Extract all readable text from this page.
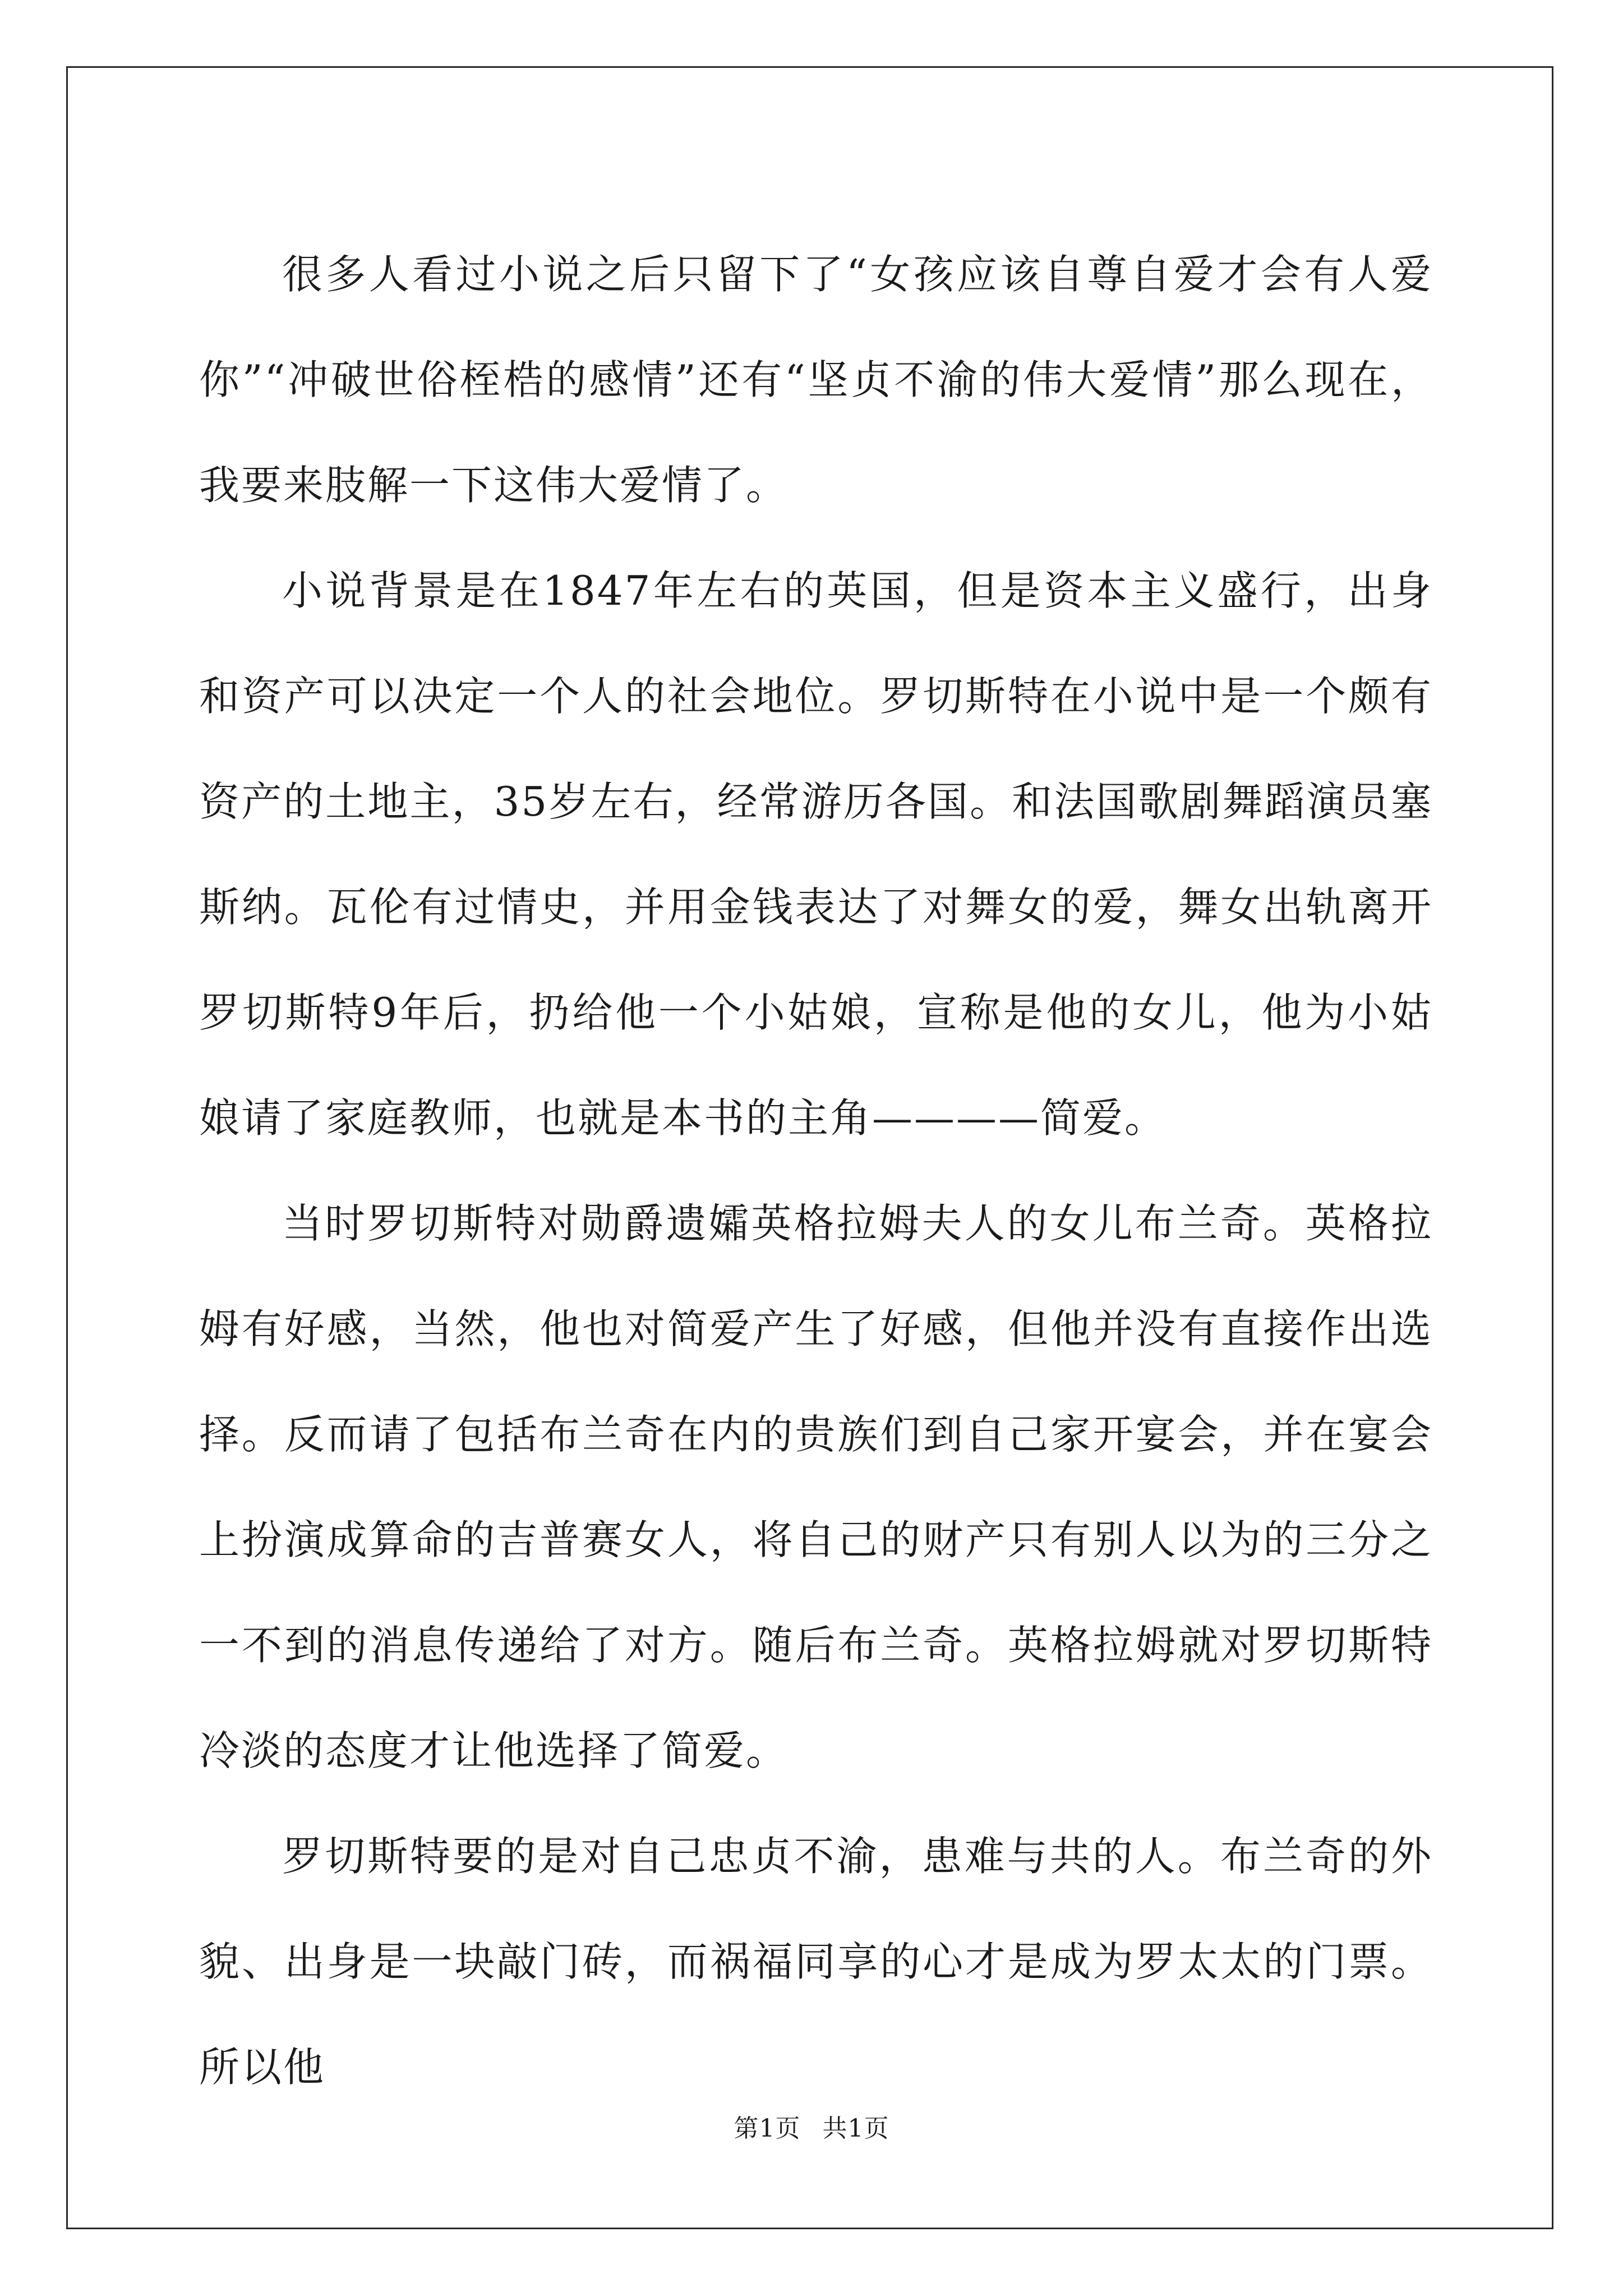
很多人看过小说之后只留下了“女孩应该自尊自爱才会有人爱你”“冲破世俗桎梏的感情”还有“坚贞不渝的伟大爱情”那么现在，我要来肢解一下这伟大爱情了。

小说背景是在1847年左右的英国，但是资本主义盛行，出身和资产可以决定一个人的社会地位。罗切斯特在小说中是一个颇有资产的土地主，35岁左右，经常游历各国。和法国歌剧舞蹈演员塞斯纳。瓦伦有过情史，并用金钱表达了对舞女的爱，舞女出轨离开罗切斯特9年后，扔给他一个小姑娘，宣称是他的女儿，他为小姑娘请了家庭教师，也就是本书的主角————简爱。

当时罗切斯特对勋爵遗孀英格拉姆夫人的女儿布兰奇。英格拉姆有好感，当然，他也对简爱产生了好感，但他并没有直接作出选择。反而请了包括布兰奇在内的贵族们到自己家开宴会，并在宴会上扮演成算命的吉普赛女人，将自己的财产只有别人以为的三分之一不到的消息传递给了对方。随后布兰奇。英格拉姆就对罗切斯特冷淡的态度才让他选择了简爱。

罗切斯特要的是对自己忠贞不渝，患难与共的人。布兰奇的外貌、出身是一块敲门砖，而祸福同享的心才是成为罗太太的门票。所以他

第1页 共1页
